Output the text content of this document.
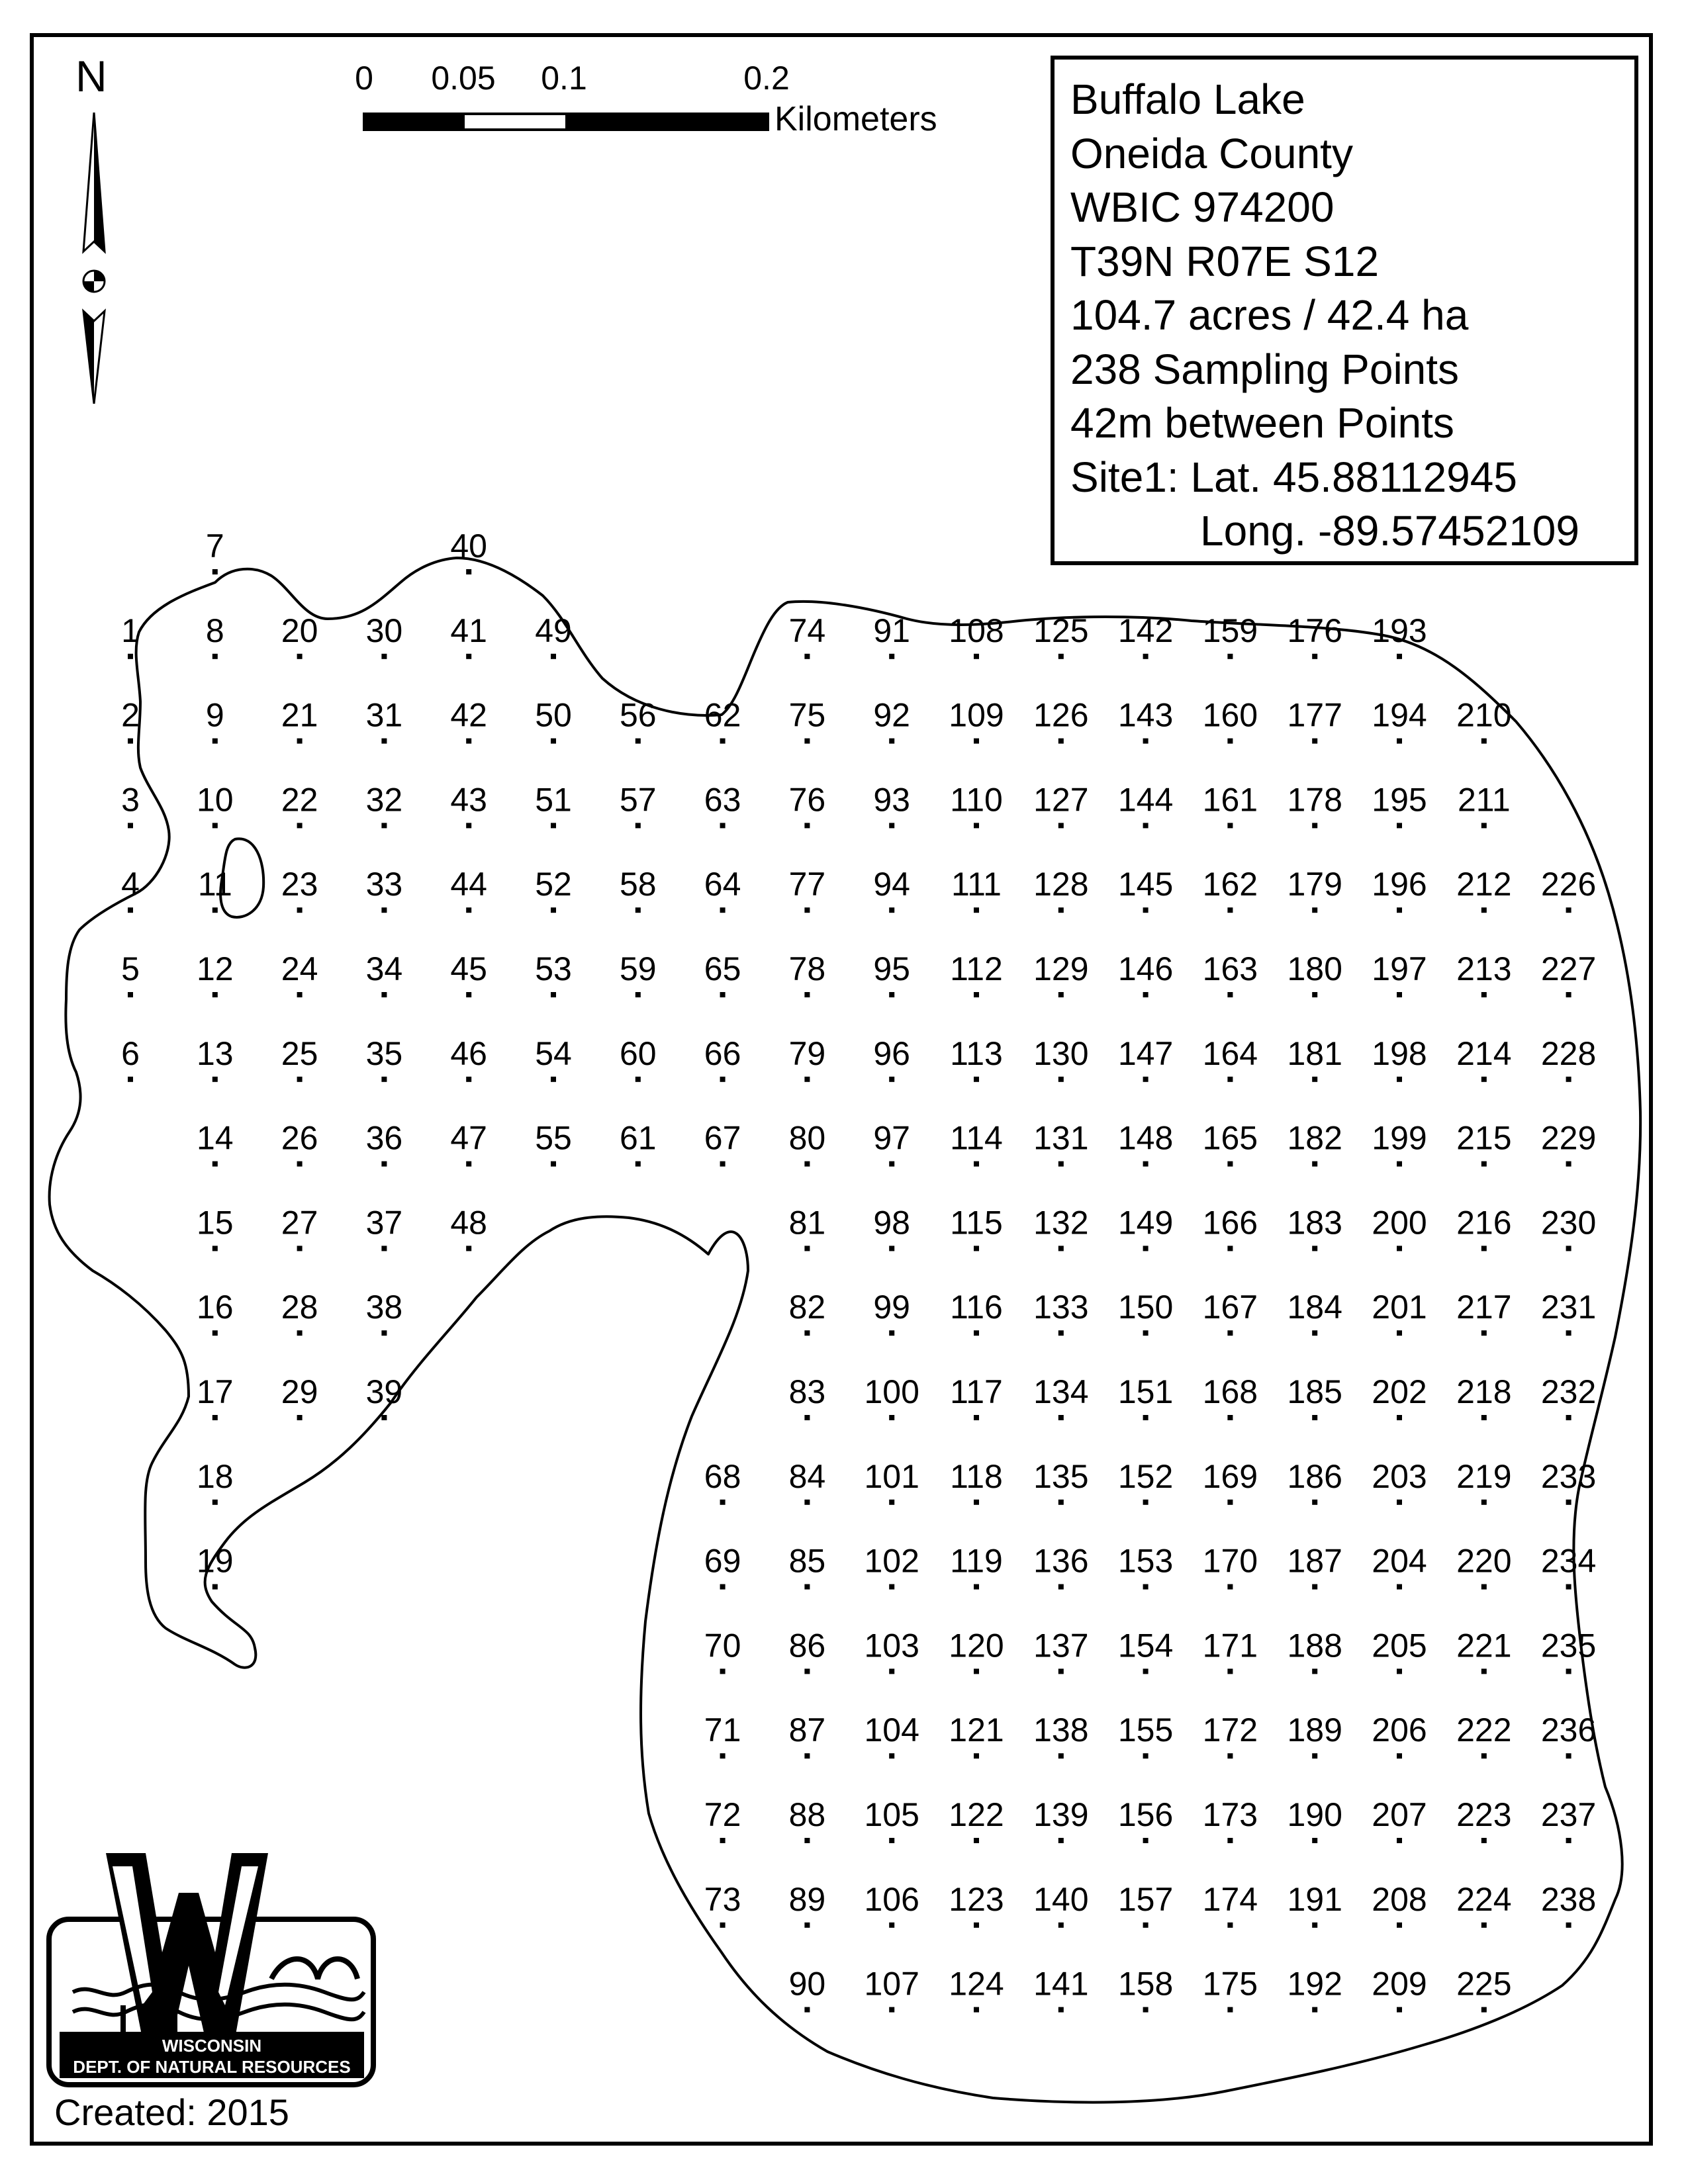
1
2
3
4
5
6
7
8
9
10
11
12
13
14
15
16
17
18
19
20
21
22
23
24
25
26
27
28
29
30
31
32
33
34
35
36
37
38
39
40
41
42
43
44
45
46
47
48
49
50
51
52
53
54
55
56
57
58
59
60
61
62
63
64
65
66
67
68
69
70
71
72
73
74
75
76
77
78
79
80
81
82
83
84
85
86
87
88
89
90
91
92
93
94
95
96
97
98
99
100
101
102
103
104
105
106
107
108
109
110
111
112
113
114
115
116
117
118
119
120
121
122
123
124
125
126
127
128
129
130
131
132
133
134
135
136
137
138
139
140
141
142
143
144
145
146
147
148
149
150
151
152
153
154
155
156
157
158
159
160
161
162
163
164
165
166
167
168
169
170
171
172
173
174
175
176
177
178
179
180
181
182
183
184
185
186
187
188
189
190
191
192
193
194
195
196
197
198
199
200
201
202
203
204
205
206
207
208
209
210
211
212
213
214
215
216
217
218
219
220
221
222
223
224
225
226
227
228
229
230
231
232
233
234
235
236
237
238
N	0 0.05 0.1	0.2
Kilometers	Buffalo Lake
Oneida County
WBIC 974200
T39N R07E S12
104.7 acres / 42.4 ha
238 Sampling Points
42m between Points
Site1: Lat. 45.88112945
Long. -89.57452109
WISCONSIN
DEPT. OF NATURAL RESOURCES
Created: 2015
